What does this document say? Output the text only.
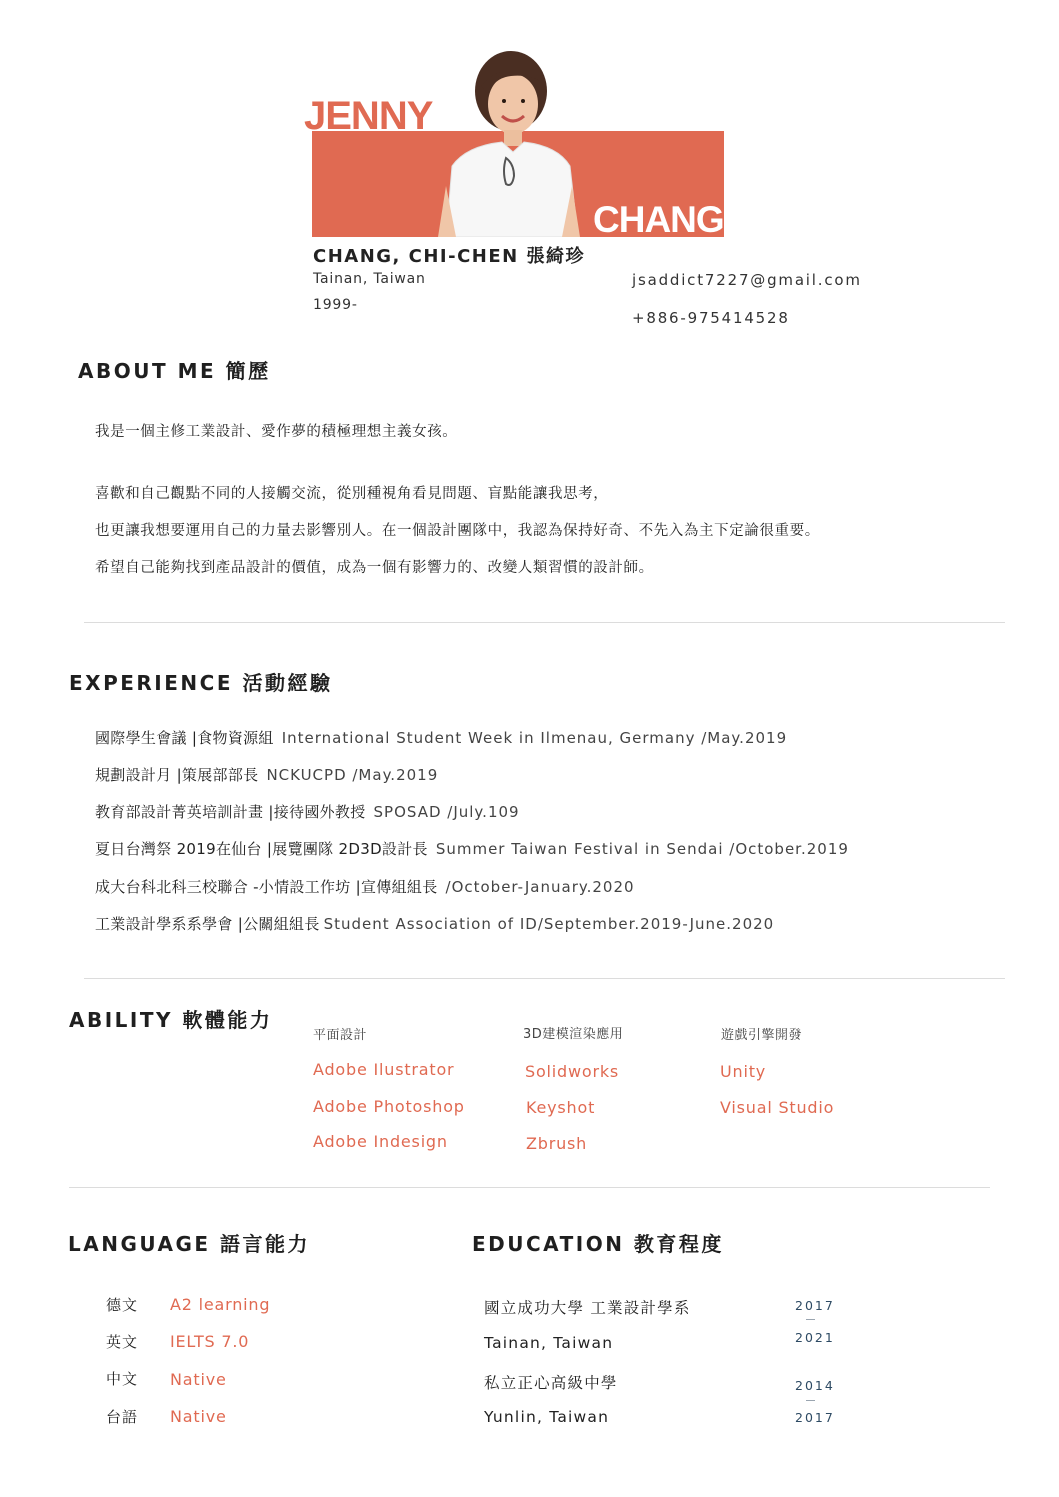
JENNY
CHANG
CHANG, CHI-CHEN 張綺珍
Tainan, Taiwan
1999-
jsaddict7227@gmail.com
+886-975414528
ABOUT ME 簡歷
我是一個主修工業設計、愛作夢的積極理想主義女孩。
喜歡和自己觀點不同的人接觸交流，從別種視角看見問題、盲點能讓我思考，
也更讓我想要運用自己的力量去影響別人。在一個設計團隊中，我認為保持好奇、不先入為主下定論很重要。
希望自己能夠找到產品設計的價值，成為一個有影響力的、改變人類習慣的設計師。
EXPERIENCE 活動經驗
國際學生會議 |食物資源組 International Student Week in Ilmenau, Germany /May.2019
規劃設計月 |策展部部長 NCKUCPD /May.2019
教育部設計菁英培訓計畫 |接待國外教授 SPOSAD /July.109
夏日台灣祭 2019在仙台 |展覽團隊 2D3D設計長 Summer Taiwan Festival in Sendai /October.2019
成大台科北科三校聯合 -小情設工作坊 |宣傳組組長 /October-January.2020
工業設計學系系學會 |公關組組長 Student Association of ID/September.2019-June.2020
ABILITY 軟體能力
平面設計
Adobe Ilustrator
Adobe Photoshop
Adobe Indesign
3D建模渲染應用
Solidworks
Keyshot
Zbrush
遊戲引擎開發
Unity
Visual Studio
LANGUAGE 語言能力
德文 A2 learning
英文 IELTS 7.0
中文 Native
台語 Native
EDUCATION 教育程度
國立成功大學 工業設計學系
Tainan, Taiwan
2017
2021
私立正心高級中學
Yunlin, Taiwan
2014
2017
